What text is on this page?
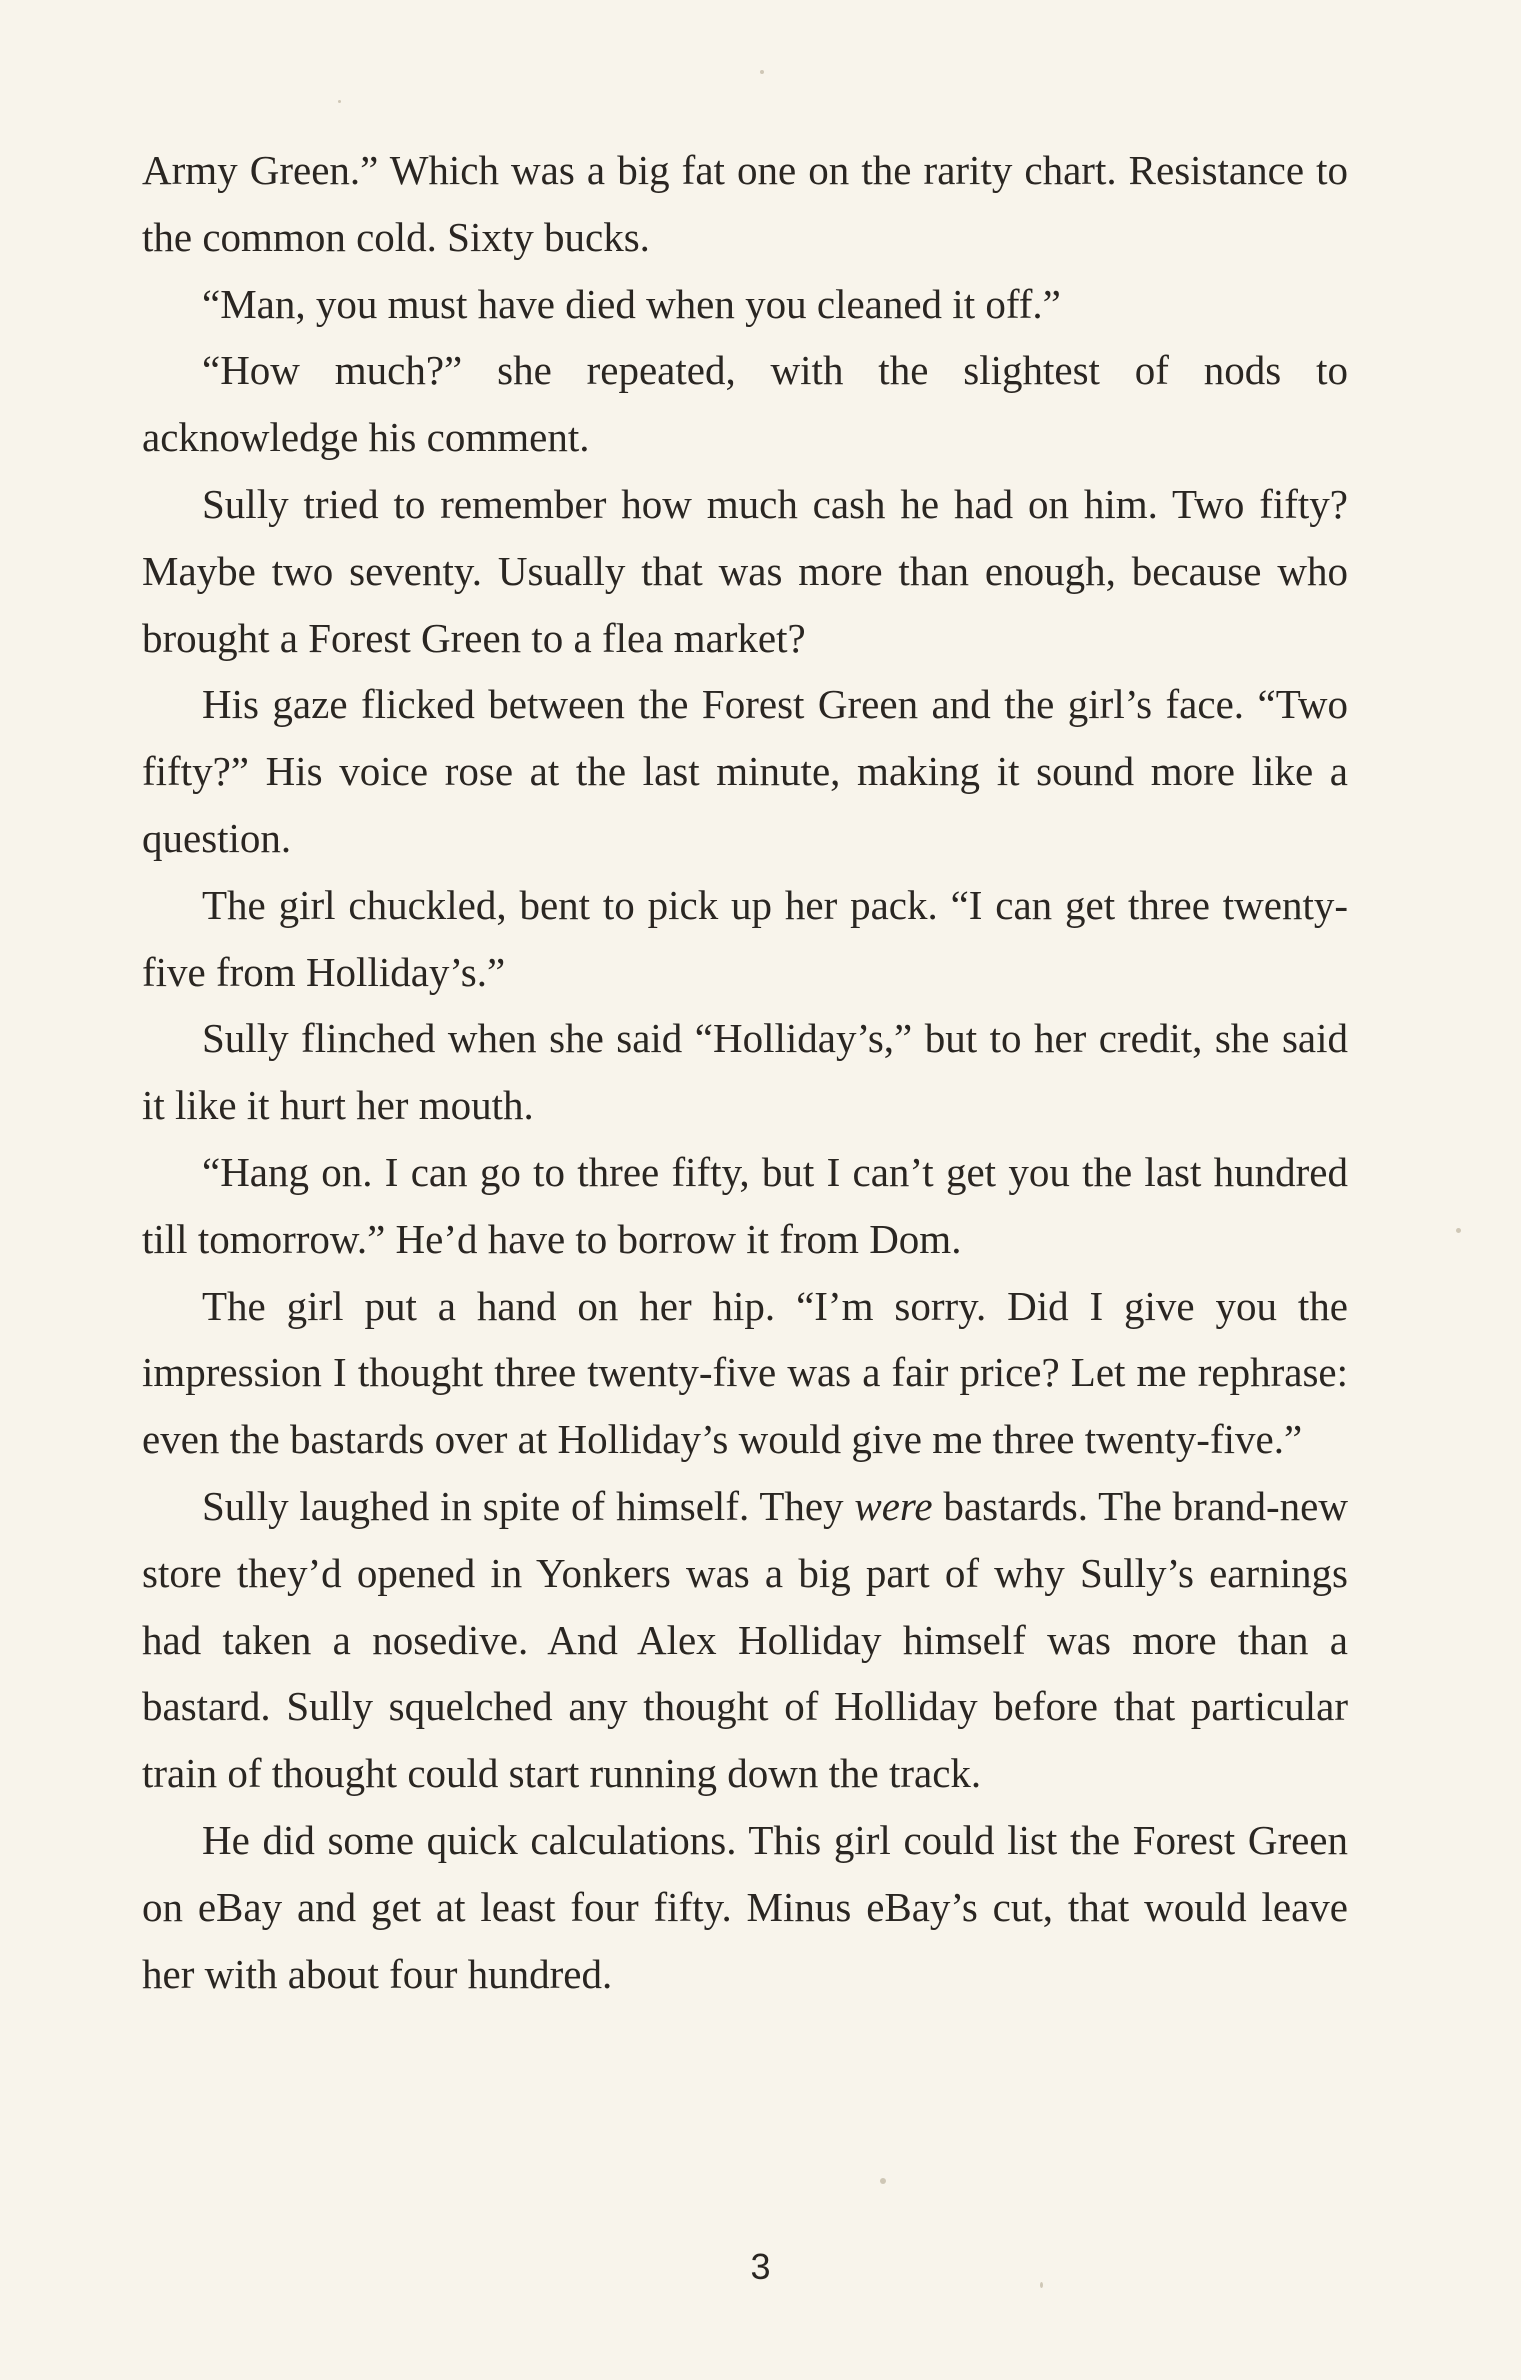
Army Green.” Which was a big fat one on the rarity chart. Resistance to the common cold. Sixty bucks.

“Man, you must have died when you cleaned it off.”

“How much?” she repeated, with the slightest of nods to acknowledge his comment.

Sully tried to remember how much cash he had on him. Two fifty? Maybe two seventy. Usually that was more than enough, because who brought a Forest Green to a flea market?

His gaze flicked between the Forest Green and the girl’s face. “Two fifty?” His voice rose at the last minute, making it sound more like a question.

The girl chuckled, bent to pick up her pack. “I can get three twenty-five from Holliday’s.”

Sully flinched when she said “Holliday’s,” but to her credit, she said it like it hurt her mouth.

“Hang on. I can go to three fifty, but I can’t get you the last hundred till tomorrow.” He’d have to borrow it from Dom.

The girl put a hand on her hip. “I’m sorry. Did I give you the impression I thought three twenty-five was a fair price? Let me rephrase: even the bastards over at Holliday’s would give me three twenty-five.”

Sully laughed in spite of himself. They were bastards. The brand-new store they’d opened in Yonkers was a big part of why Sully’s earnings had taken a nosedive. And Alex Holliday himself was more than a bastard. Sully squelched any thought of Holliday before that particular train of thought could start running down the track.

He did some quick calculations. This girl could list the Forest Green on eBay and get at least four fifty. Minus eBay’s cut, that would leave her with about four hundred.

3
